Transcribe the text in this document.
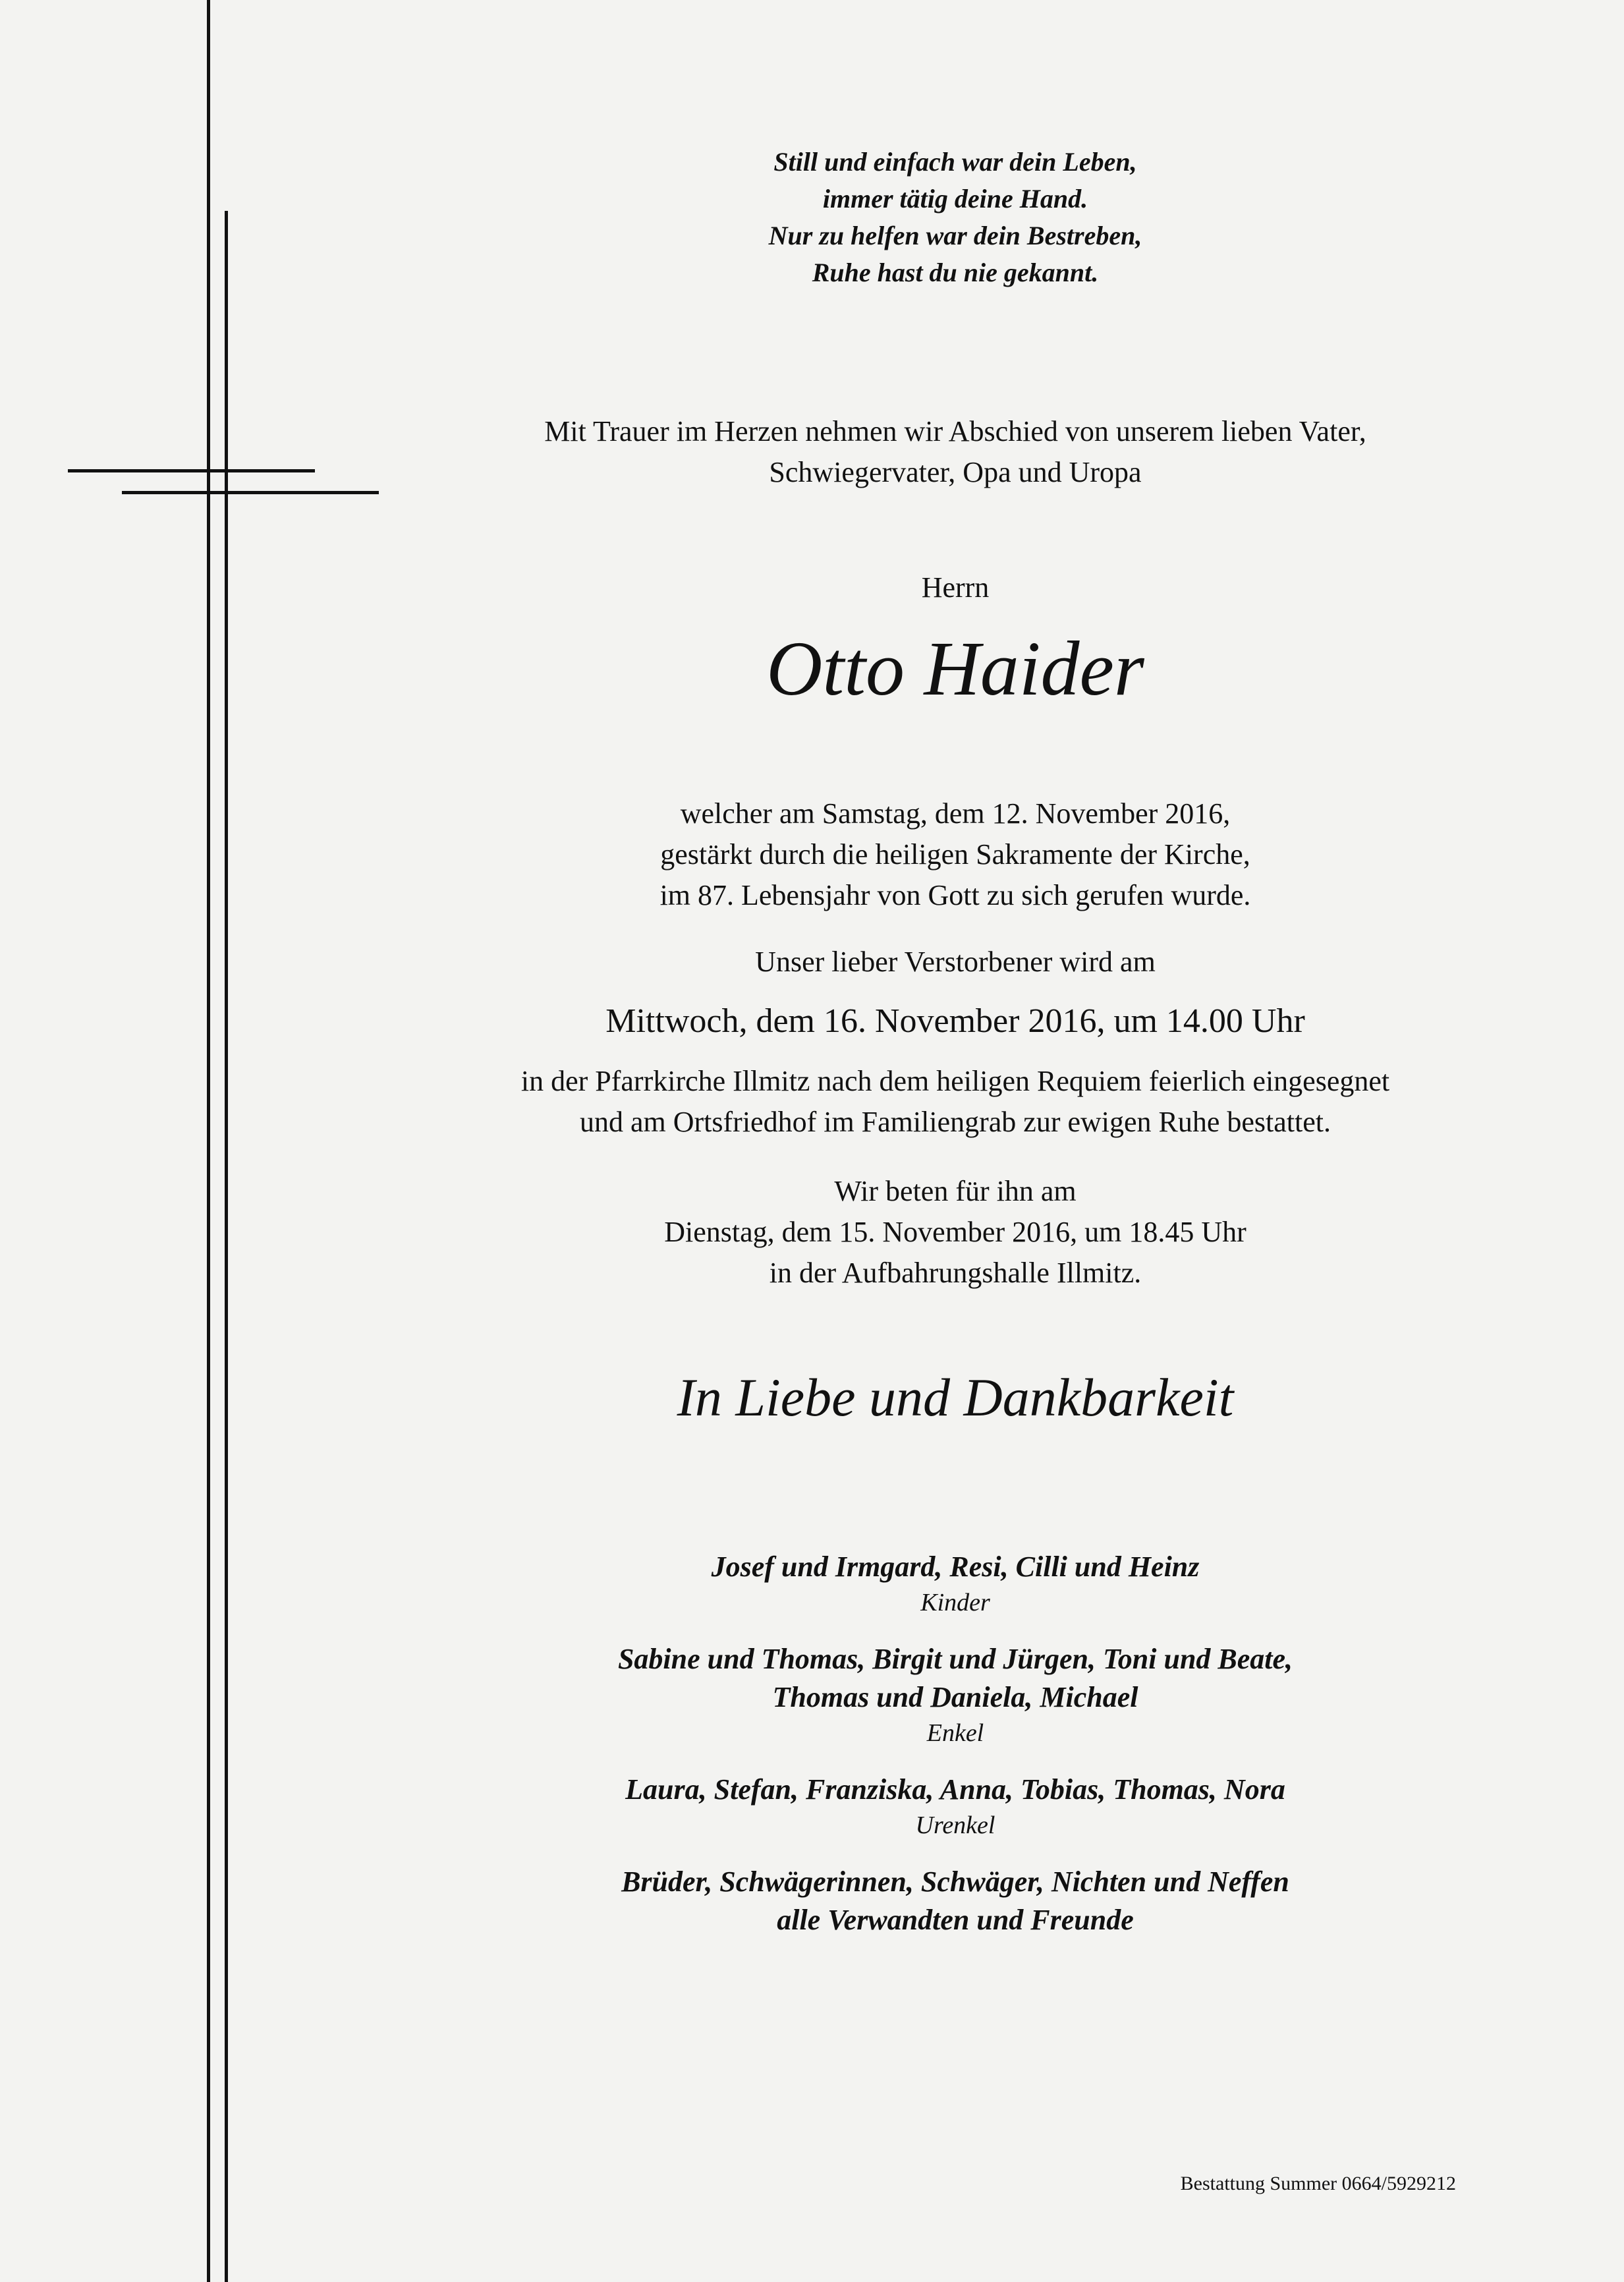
Still und einfach war dein Leben,
immer tätig deine Hand.
Nur zu helfen war dein Bestreben,
Ruhe hast du nie gekannt.
Mit Trauer im Herzen nehmen wir Abschied von unserem lieben Vater,
Schwiegervater, Opa und Uropa
Herrn
Otto Haider
welcher am Samstag, dem 12. November 2016,
gestärkt durch die heiligen Sakramente der Kirche,
im 87. Lebensjahr von Gott zu sich gerufen wurde.
Unser lieber Verstorbener wird am
Mittwoch, dem 16. November 2016, um 14.00 Uhr
in der Pfarrkirche Illmitz nach dem heiligen Requiem feierlich eingesegnet
und am Ortsfriedhof im Familiengrab zur ewigen Ruhe bestattet.
Wir beten für ihn am
Dienstag, dem 15. November 2016, um 18.45 Uhr
in der Aufbahrungshalle Illmitz.
In Liebe und Dankbarkeit
Josef und Irmgard, Resi, Cilli und Heinz
Kinder
Sabine und Thomas, Birgit und Jürgen, Toni und Beate,
Thomas und Daniela, Michael
Enkel
Laura, Stefan, Franziska, Anna, Tobias, Thomas, Nora
Urenkel
Brüder, Schwägerinnen, Schwäger, Nichten und Neffen
alle Verwandten und Freunde
Bestattung Summer 0664/5929212
